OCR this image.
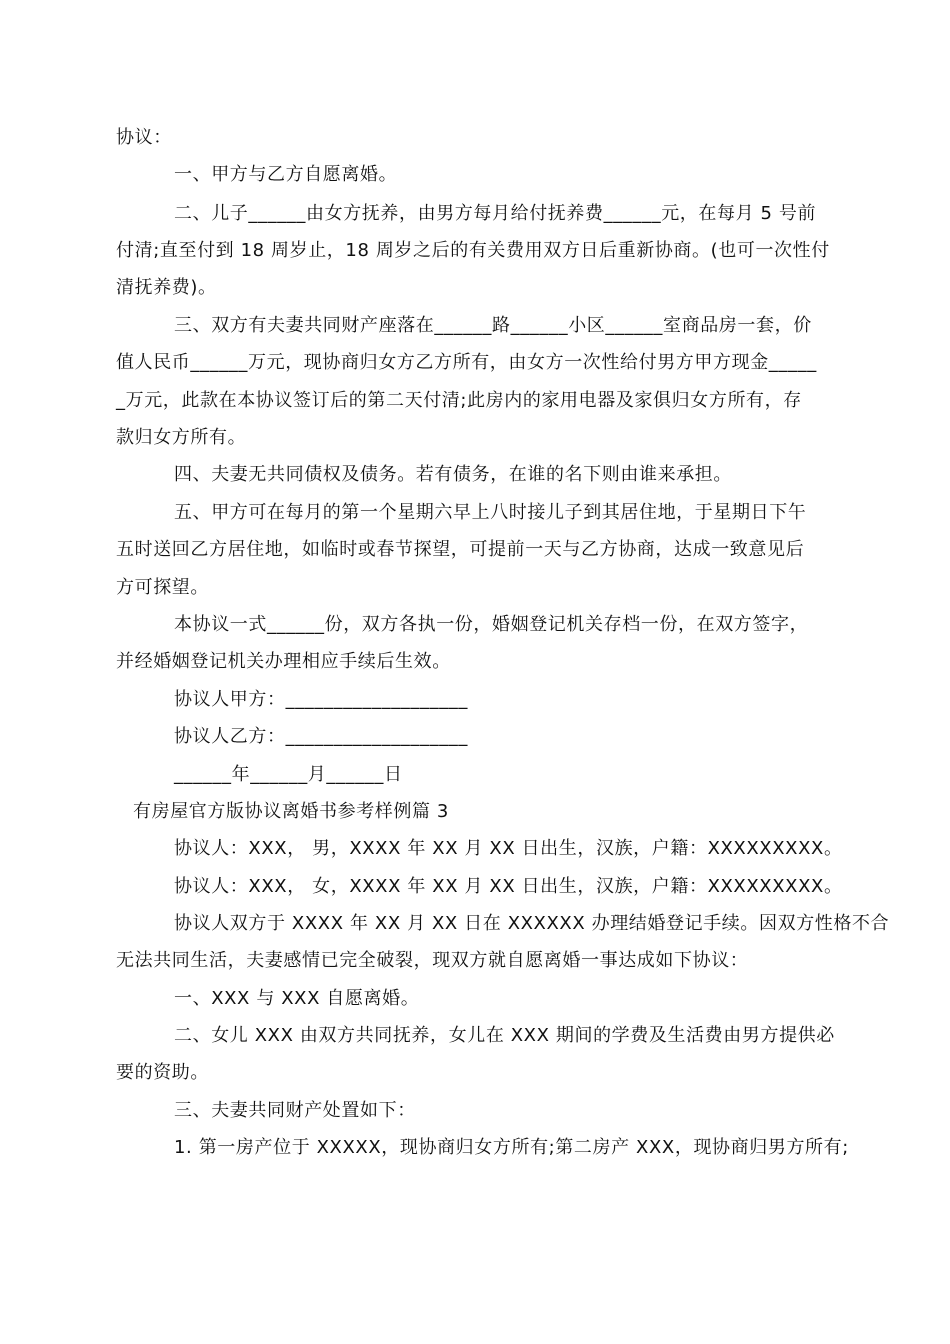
协议：
一、甲方与乙方自愿离婚。
二、儿子______由女方抚养，由男方每月给付抚养费______元，在每月 5 号前
付清;直至付到 18 周岁止，18 周岁之后的有关费用双方日后重新协商。(也可一次性付
清抚养费)。
三、双方有夫妻共同财产座落在______路______小区______室商品房一套，价
值人民币______万元，现协商归女方乙方所有，由女方一次性给付男方甲方现金_____
_万元，此款在本协议签订后的第二天付清;此房内的家用电器及家俱归女方所有，存
款归女方所有。
四、夫妻无共同债权及债务。若有债务，在谁的名下则由谁来承担。
五、甲方可在每月的第一个星期六早上八时接儿子到其居住地，于星期日下午
五时送回乙方居住地，如临时或春节探望，可提前一天与乙方协商，达成一致意见后
方可探望。
本协议一式______份，双方各执一份，婚姻登记机关存档一份，在双方签字，
并经婚姻登记机关办理相应手续后生效。
协议人甲方：___________________
协议人乙方：___________________
______年______月______日
有房屋官方版协议离婚书参考样例篇 3
协议人：XXX， 男，XXXX 年 XX 月 XX 日出生，汉族，户籍：XXXXXXXXX。
协议人：XXX， 女，XXXX 年 XX 月 XX 日出生，汉族，户籍：XXXXXXXXX。
协议人双方于 XXXX 年 XX 月 XX 日在 XXXXXX 办理结婚登记手续。因双方性格不合
无法共同生活，夫妻感情已完全破裂，现双方就自愿离婚一事达成如下协议：
一、XXX 与 XXX 自愿离婚。
二、女儿 XXX 由双方共同抚养，女儿在 XXX 期间的学费及生活费由男方提供必
要的资助。
三、夫妻共同财产处置如下：
1. 第一房产位于 XXXXX，现协商归女方所有;第二房产 XXX，现协商归男方所有;
